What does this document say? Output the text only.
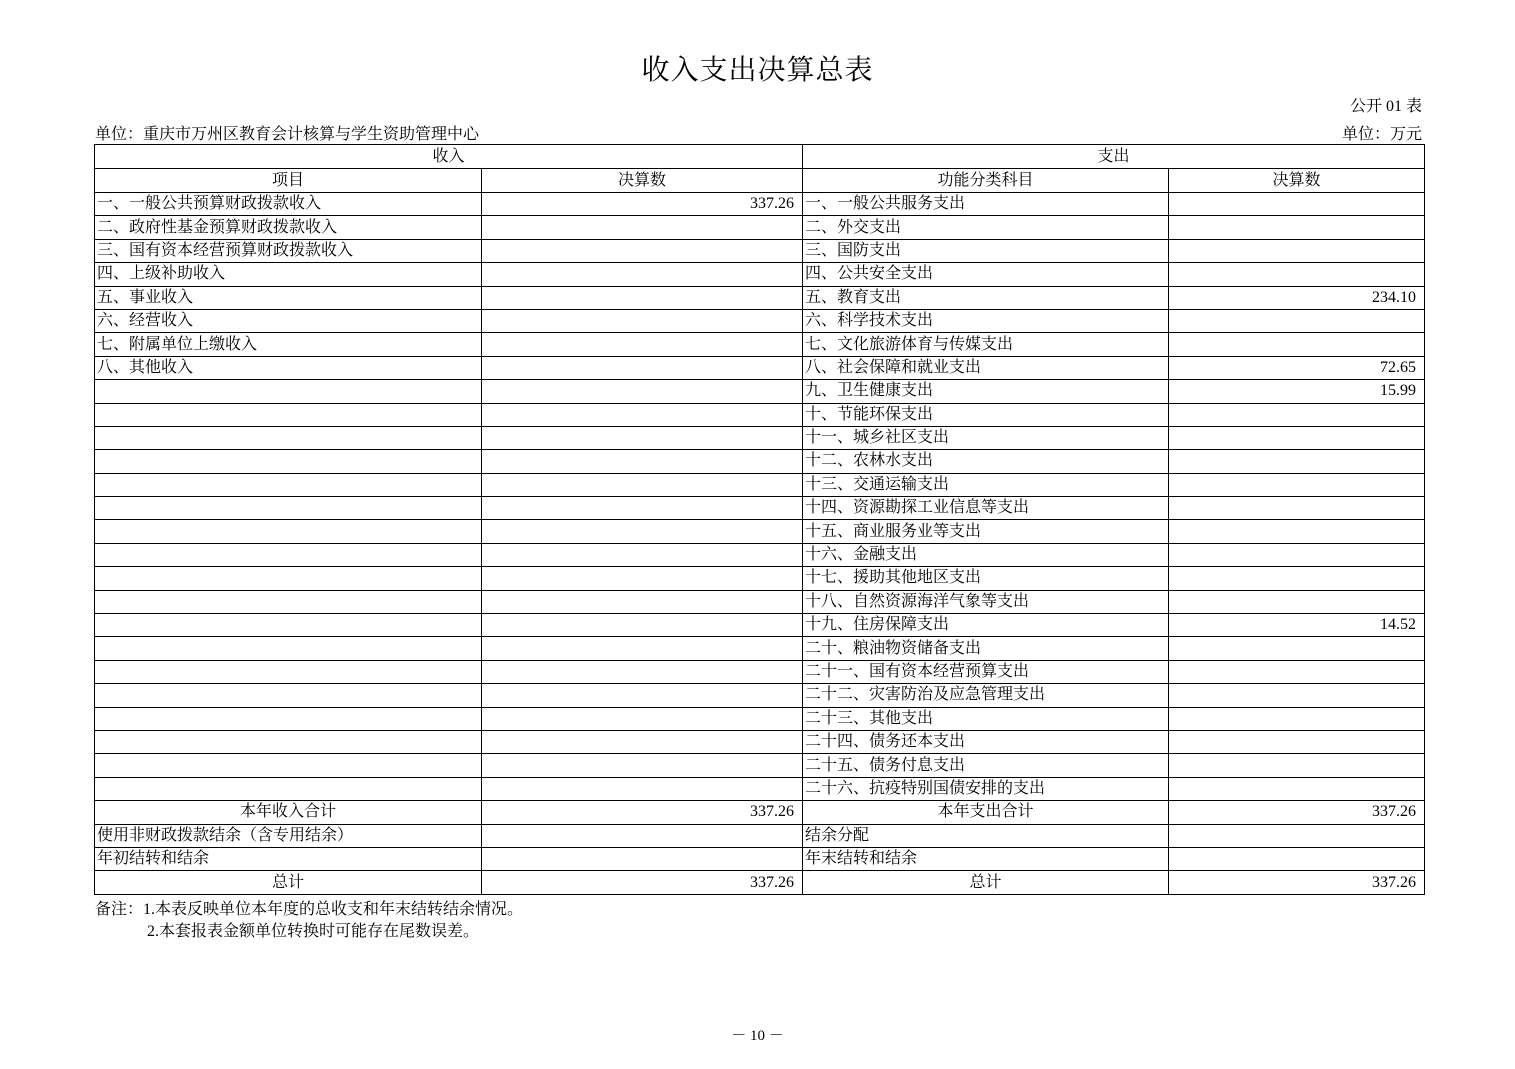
收入支出决算总表
公开 01 表
单位：重庆市万州区教育会计核算与学生资助管理中心	单位：万元
收入		支出	
项目	决算数	功能分类科目	决算数
一、一般公共预算财政拨款收入	337.26	一、一般公共服务支出	
二、政府性基金预算财政拨款收入		二、外交支出	
三、国有资本经营预算财政拨款收入		三、国防支出	
四、上级补助收入		四、公共安全支出	
五、事业收入		五、教育支出	234.10
六、经营收入		六、科学技术支出	
七、附属单位上缴收入		七、文化旅游体育与传媒支出	
八、其他收入		八、社会保障和就业支出	72.65
		九、卫生健康支出	15.99
		十、节能环保支出	
		十一、城乡社区支出	
		十二、农林水支出	
		十三、交通运输支出	
		十四、资源勘探工业信息等支出	
		十五、商业服务业等支出	
		十六、金融支出	
		十七、援助其他地区支出	
		十八、自然资源海洋气象等支出	
		十九、住房保障支出	14.52
		二十、粮油物资储备支出	
		二十一、国有资本经营预算支出	
		二十二、灾害防治及应急管理支出	
		二十三、其他支出	
		二十四、债务还本支出	
		二十五、债务付息支出	
		二十六、抗疫特别国债安排的支出	
本年收入合计	337.26	本年支出合计	337.26
使用非财政拨款结余（含专用结余）		结余分配	
年初结转和结余		年末结转和结余	
总计	337.26	总计	337.26
备注：1.本表反映单位本年度的总收支和年末结转结余情况。
2.本套报表金额单位转换时可能存在尾数误差。
－ 10 －
